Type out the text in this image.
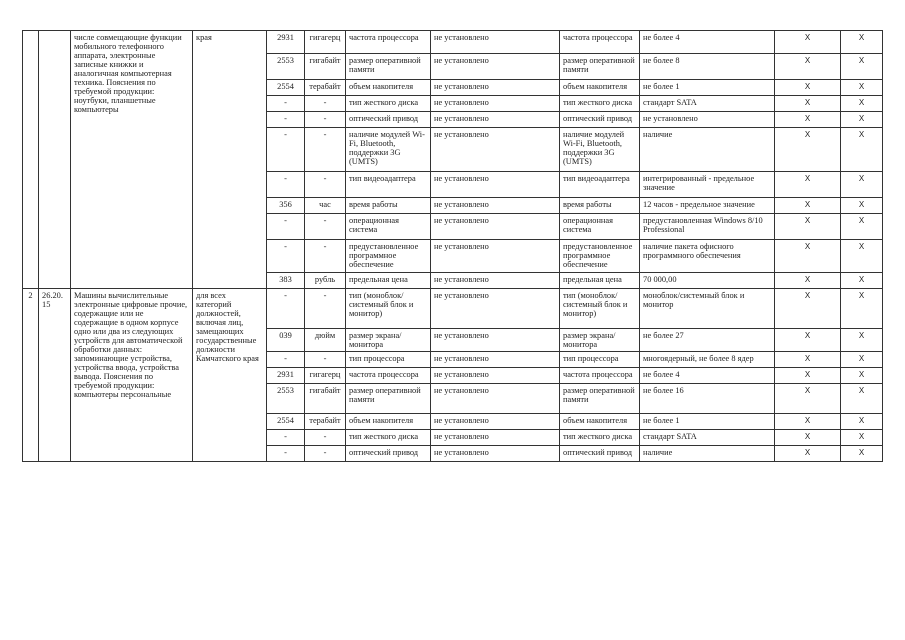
		числе совмещающие функции мобильного телефонного аппарата, электронные записные книжки и аналогичная компьютерная техника. Пояснения по требуемой продукции: ноутбуки, планшетные компьютеры	края	2931	гигагерц	частота процессора	не установлено	частота процессора	не более 4	X	X
				2553	гигабайт	размер оперативной памяти	не установлено	размер оперативной памяти	не более 8	X	X
				2554	терабайт	объем накопителя	не установлено	объем накопителя	не более 1	X	X
				-	-	тип жесткого диска	не установлено	тип жесткого диска	стандарт SATA	X	X
				-	-	оптический привод	не установлено	оптический привод	не установлено	X	X
				-	-	наличие модулей Wi-Fi, Bluetooth, поддержки 3G (UMTS)	не установлено	наличие модулей Wi-Fi, Bluetooth, поддержки 3G (UMTS)	наличие	X	X
				-	-	тип видеоадаптера	не установлено	тип видеоадаптера	интегрированный - предельное значение	X	X
				356	час	время работы	не установлено	время работы	12 часов - предельное значение	X	X
				-	-	операционная система	не установлено	операционная система	предустановленная Windows 8/10 Professional	X	X
				-	-	предустановленное программное обеспечение	не установлено	предустановленное программное обеспечение	наличие пакета офисного программного обеспечения	X	X
				383	рубль	предельная цена	не установлено	предельная цена	70 000,00	X	X
2	26.20.15	Машины вычислительные электронные цифровые прочие, содержащие или не содержащие в одном корпусе одно или два из следующих устройств для автоматической обработки данных: запоминающие устройства, устройства ввода, устройства вывода. Пояснения по требуемой продукции: компьютеры персональные	для всех категорий должностей, включая лиц, замещающих государственные должности Камчатского края	-	-	тип (моноблок/системный блок и монитор)	не установлено	тип (моноблок/системный блок и монитор)	моноблок/системный блок и монитор	X	X
				039	дюйм	размер экрана/монитора	не установлено	размер экрана/монитора	не более 27	X	X
				-	-	тип процессора	не установлено	тип процессора	многоядерный, не более 8 ядер	X	X
				2931	гигагерц	частота процессора	не установлено	частота процессора	не более 4	X	X
				2553	гигабайт	размер оперативной памяти	не установлено	размер оперативной памяти	не более 16	X	X
				2554	терабайт	объем накопителя	не установлено	объем накопителя	не более 1	X	X
				-	-	тип жесткого диска	не установлено	тип жесткого диска	стандарт SATA	X	X
				-	-	оптический привод	не установлено	оптический привод	наличие	X	X
